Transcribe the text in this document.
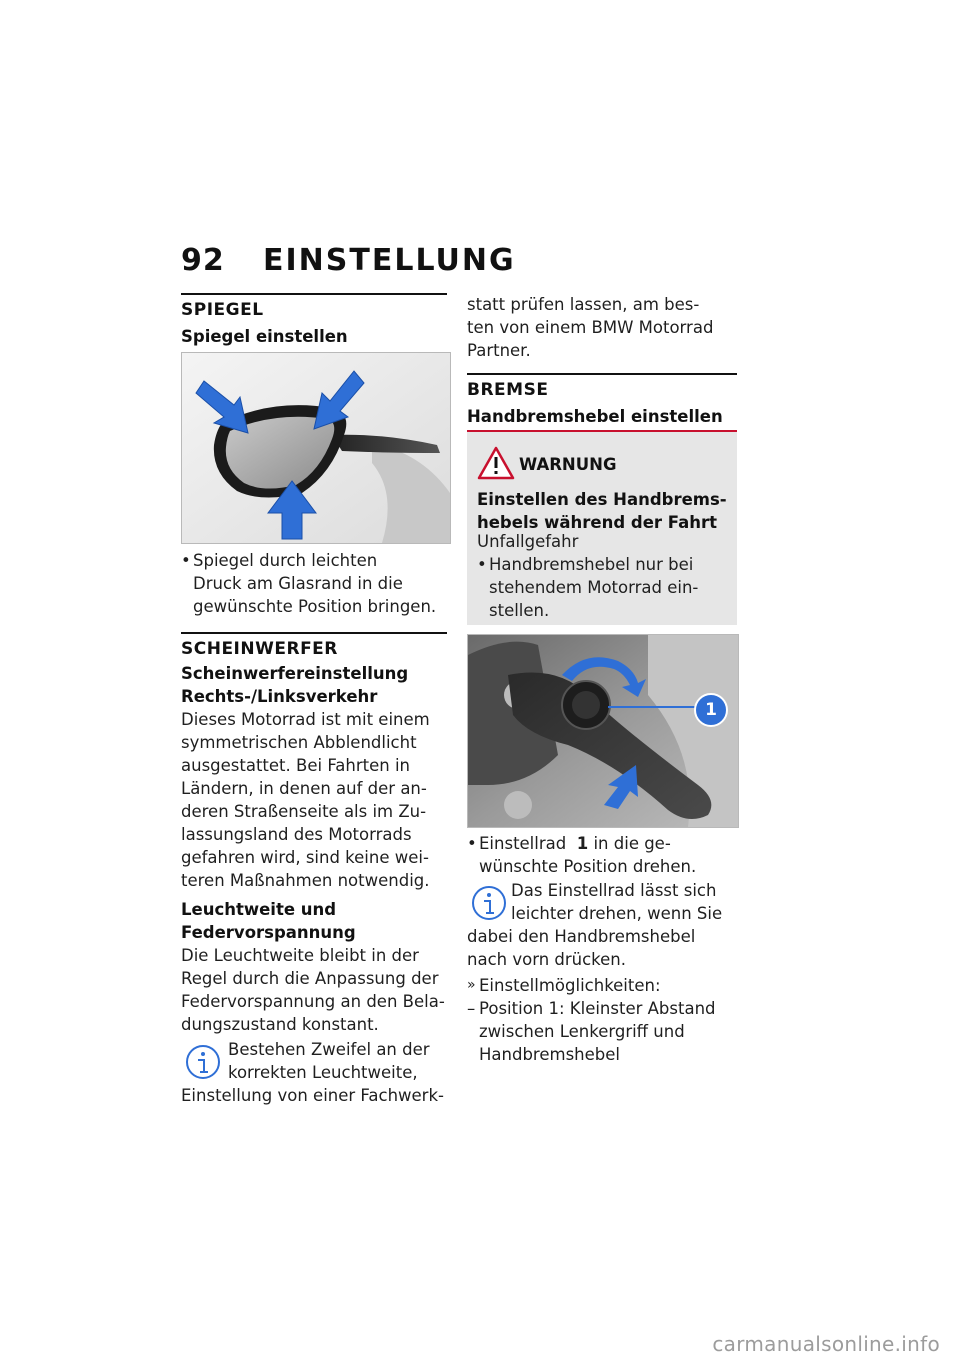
92 EINSTELLUNG
SPIEGEL
Spiegel einstellen
• Spiegel durch leichten
Druck am Glasrand in die
gewünschte Position bringen.
SCHEINWERFER
Scheinwerfereinstellung
Rechts-/Linksverkehr
Dieses Motorrad ist mit einem
symmetrischen Abblendlicht
ausgestattet. Bei Fahrten in
Ländern, in denen auf der an-
deren Straßenseite als im Zu-
lassungsland des Motorrads
gefahren wird, sind keine wei-
teren Maßnahmen notwendig.
Leuchtweite und
Federvorspannung
Die Leuchtweite bleibt in der
Regel durch die Anpassung der
Federvorspannung an den Bela-
dungszustand konstant.
Bestehen Zweifel an der
korrekten Leuchtweite,
Einstellung von einer Fachwerk-
statt prüfen lassen, am bes-
ten von einem BMW Motorrad
Partner.
BREMSE
Handbremshebel einstellen
WARNUNG
Einstellen des Handbrems-
hebels während der Fahrt
Unfallgefahr
• Handbremshebel nur bei
stehendem Motorrad ein-
stellen.
1
• Einstellrad 1 in die ge-
wünschte Position drehen.
Das Einstellrad lässt sich
leichter drehen, wenn Sie
dabei den Handbremshebel
nach vorn drücken.
» Einstellmöglichkeiten:
– Position 1: Kleinster Abstand
zwischen Lenkergriff und
Handbremshebel
carmanualsonline.info
